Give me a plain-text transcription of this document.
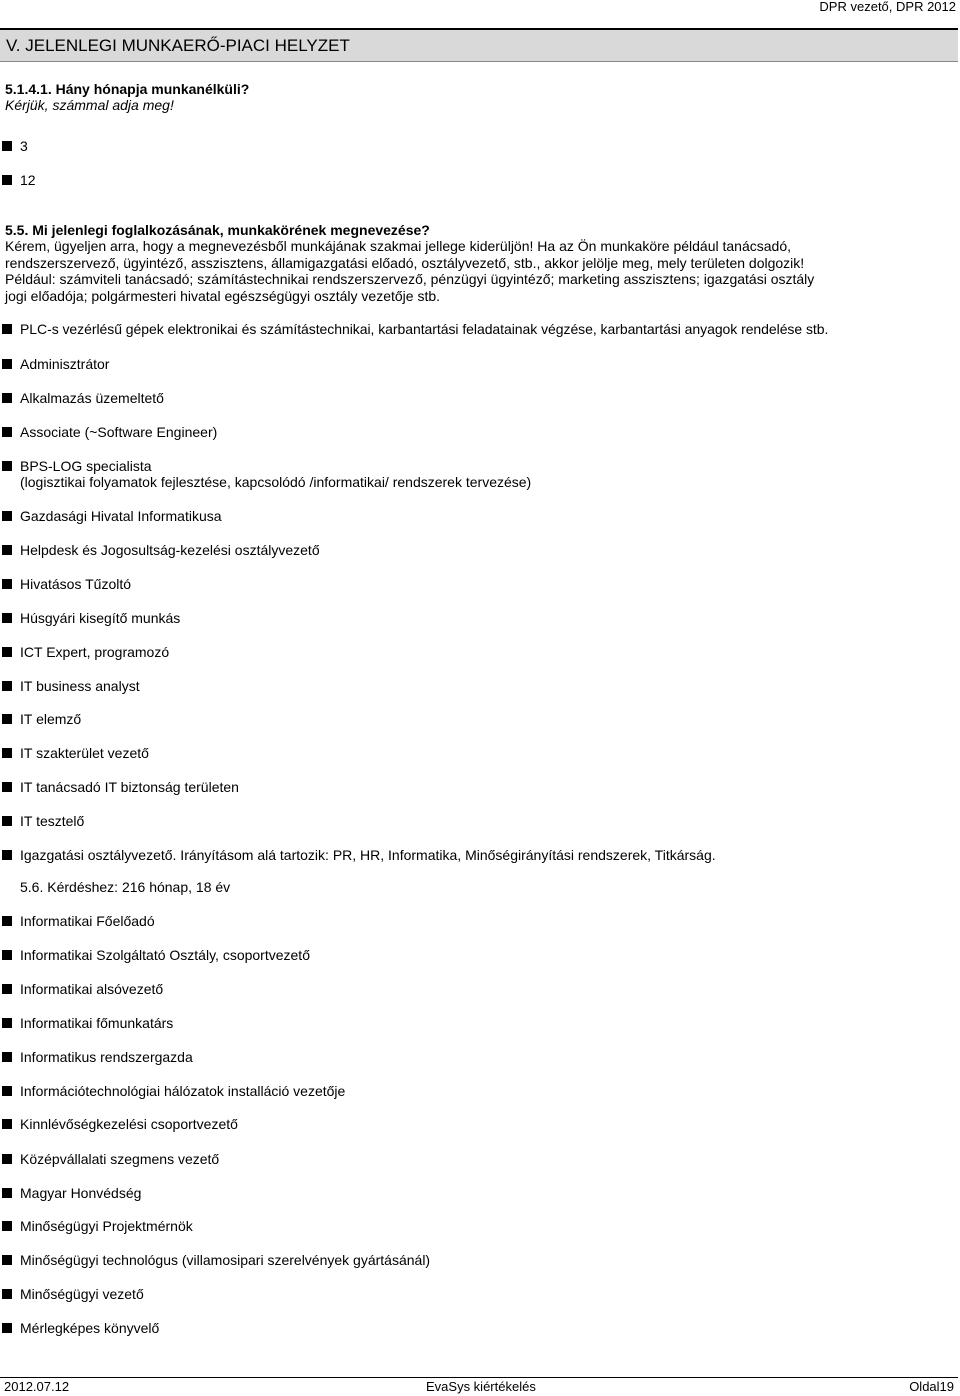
DPR vezető, DPR 2012
V. JELENLEGI MUNKAERŐ-PIACI HELYZET

5.1.4.1. Hány hónapja munkanélküli?

Kérjük, számmal adja meg!

3
12

5.5. Mi jelenlegi foglalkozásának, munkakörének megnevezése?

Kérem, ügyeljen arra, hogy a megnevezésből munkájának szakmai jellege kiderüljön! Ha az Ön munkaköre például tanácsadó,
rendszerszervező, ügyintéző, asszisztens, államigazgatási előadó, osztályvezető, stb., akkor jelölje meg, mely területen dolgozik!
Például: számviteli tanácsadó; számítástechnikai rendszerszervező, pénzügyi ügyintéző; marketing asszisztens; igazgatási osztály
jogi előadója; polgármesteri hivatal egészségügyi osztály vezetője stb.
PLC-s vezérlésű gépek elektronikai és számítástechnikai, karbantartási feladatainak végzése, karbantartási anyagok rendelése stb.
Adminisztrátor
Alkalmazás üzemeltető
Associate (~Software Engineer)
BPS-LOG specialista
Gazdasági Hivatal Informatikusa
Helpdesk és Jogosultság-kezelési osztályvezető
Hivatásos Tűzoltó
Húsgyári kisegítő munkás
ICT Expert, programozó
IT business analyst
IT elemző
IT szakterület vezető
IT tanácsadó IT biztonság területen
IT tesztelő
Igazgatási osztályvezető. Irányításom alá tartozik: PR, HR, Informatika, Minőségirányítási rendszerek, Titkárság.
Informatikai Főelőadó
Informatikai Szolgáltató Osztály, csoportvezető
Informatikai alsóvezető
Informatikai főmunkatárs
Informatikus rendszergazda
Információtechnológiai hálózatok installáció vezetője
Kinnlévőségkezelési csoportvezető
Középvállalati szegmens vezető
Magyar Honvédség
Minőségügyi Projektmérnök
Minőségügyi technológus (villamosipari szerelvények gyártásánál)
Minőségügyi vezető
Mérlegképes könyvelő
(logisztikai folyamatok fejlesztése, kapcsolódó /informatikai/ rendszerek tervezése)
5.6. Kérdéshez: 216 hónap, 18 év
2012.07.12	EvaSys kiértékelés	Oldal19
